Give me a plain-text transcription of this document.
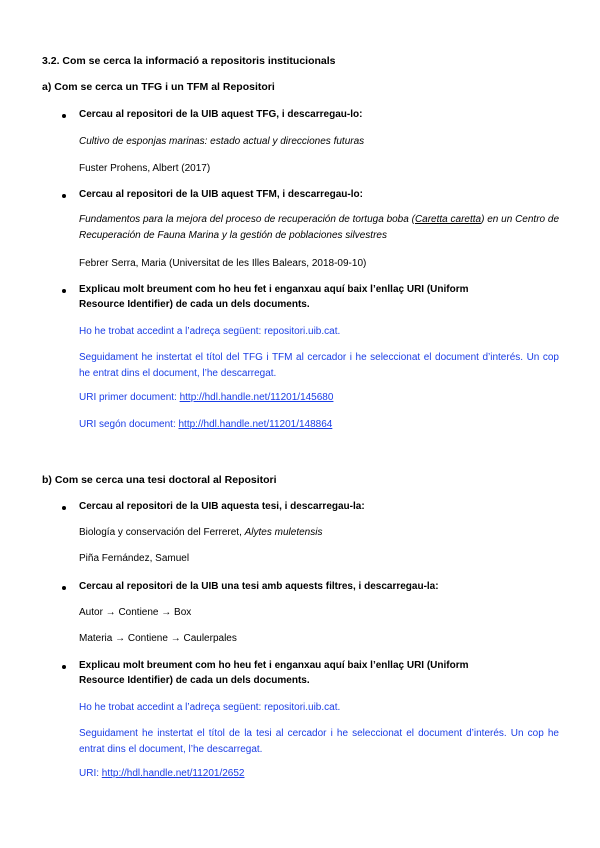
3.2. Com se cerca la informació a repositoris institucionals

a) Com se cerca un TFG i un TFM al Repositori

Cercau al repositori de la UIB aquest TFG, i descarregau-lo:

Cultivo de esponjas marinas: estado actual y direcciones futuras

Fuster Prohens, Albert (2017)

Cercau al repositori de la UIB aquest TFM, i descarregau-lo:

Fundamentos para la mejora del proceso de recuperación de tortuga boba (Caretta caretta) en un Centro de Recuperación de Fauna Marina y la gestión de poblaciones silvestres

Febrer Serra, Maria (Universitat de les Illes Balears, 2018-09-10)

Explicau molt breument com ho heu fet i enganxau aquí baix l’enllaç URI (Uniform

Resource Identifier) de cada un dels documents.

Ho he trobat accedint a l’adreça següent: repositori.uib.cat.

Seguidament he instertat el títol del TFG i TFM al cercador i he seleccionat el document d’interés. Un cop he entrat dins el document, l’he descarregat.

URI primer document: http://hdl.handle.net/11201/145680

URI segón document: http://hdl.handle.net/11201/148864

b) Com se cerca una tesi doctoral al Repositori

Cercau al repositori de la UIB aquesta tesi, i descarregau-la:

Biología y conservación del Ferreret, Alytes muletensis

Piña Fernández, Samuel

Cercau al repositori de la UIB una tesi amb aquests filtres, i descarregau-la:

Autor → Contiene → Box

Materia → Contiene → Caulerpales

Explicau molt breument com ho heu fet i enganxau aquí baix l’enllaç URI (Uniform

Resource Identifier) de cada un dels documents.

Ho he trobat accedint a l’adreça següent: repositori.uib.cat.

Seguidament he instertat el títol de la tesi al cercador i he seleccionat el document d’interés. Un cop he entrat dins el document, l’he descarregat.

URI: http://hdl.handle.net/11201/2652
